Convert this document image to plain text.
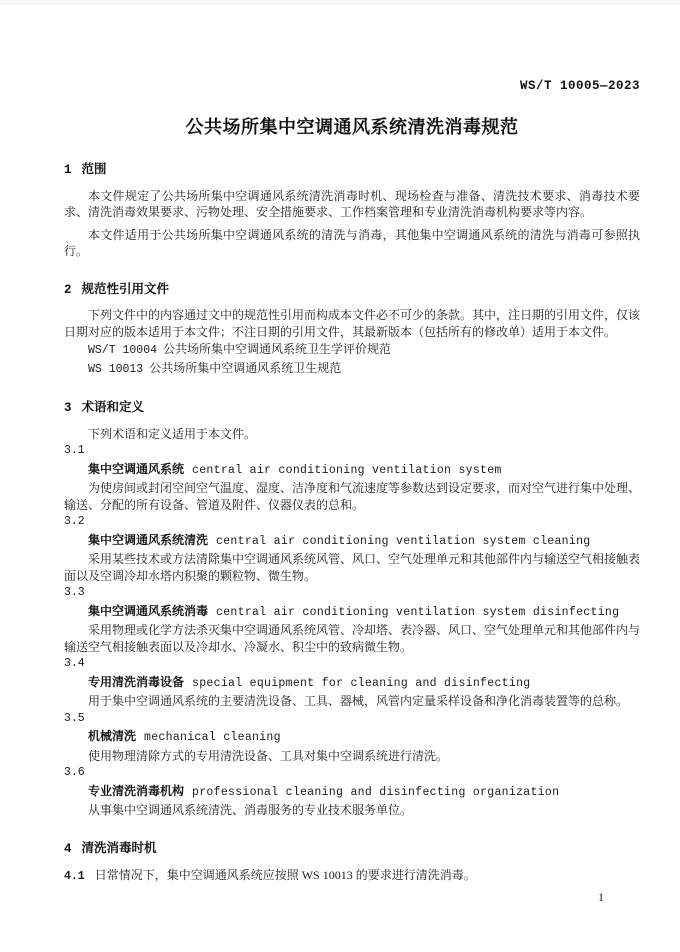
WS/T 10005—2023
公共场所集中空调通风系统清洗消毒规范
1 范围
本文件规定了公共场所集中空调通风系统清洗消毒时机、现场检查与准备、清洗技术要求、消毒技术要求、清洗消毒效果要求、污物处理、安全措施要求、工作档案管理和专业清洗消毒机构要求等内容。
本文件适用于公共场所集中空调通风系统的清洗与消毒，其他集中空调通风系统的清洗与消毒可参照执行。
2 规范性引用文件
下列文件中的内容通过文中的规范性引用而构成本文件必不可少的条款。其中，注日期的引用文件，仅该日期对应的版本适用于本文件；不注日期的引用文件，其最新版本（包括所有的修改单）适用于本文件。
WS/T 10004 公共场所集中空调通风系统卫生学评价规范
WS 10013 公共场所集中空调通风系统卫生规范
3 术语和定义
下列术语和定义适用于本文件。
3.1
集中空调通风系统 central air conditioning ventilation system
为使房间或封闭空间空气温度、湿度、洁净度和气流速度等参数达到设定要求，而对空气进行集中处理、输送、分配的所有设备、管道及附件、仪器仪表的总和。
3.2
集中空调通风系统清洗 central air conditioning ventilation system cleaning
采用某些技术或方法清除集中空调通风系统风管、风口、空气处理单元和其他部件内与输送空气相接触表面以及空调冷却水塔内积聚的颗粒物、微生物。
3.3
集中空调通风系统消毒 central air conditioning ventilation system disinfecting
采用物理或化学方法杀灭集中空调通风系统风管、冷却塔、表冷器、风口、空气处理单元和其他部件内与输送空气相接触表面以及冷却水、冷凝水、积尘中的致病微生物。
3.4
专用清洗消毒设备 special equipment for cleaning and disinfecting
用于集中空调通风系统的主要清洗设备、工具、器械，风管内定量采样设备和净化消毒装置等的总称。
3.5
机械清洗 mechanical cleaning
使用物理清除方式的专用清洗设备、工具对集中空调系统进行清洗。
3.6
专业清洗消毒机构 professional cleaning and disinfecting organization
从事集中空调通风系统清洗、消毒服务的专业技术服务单位。
4 清洗消毒时机
4.1 日常情况下，集中空调通风系统应按照 WS 10013 的要求进行清洗消毒。
1
